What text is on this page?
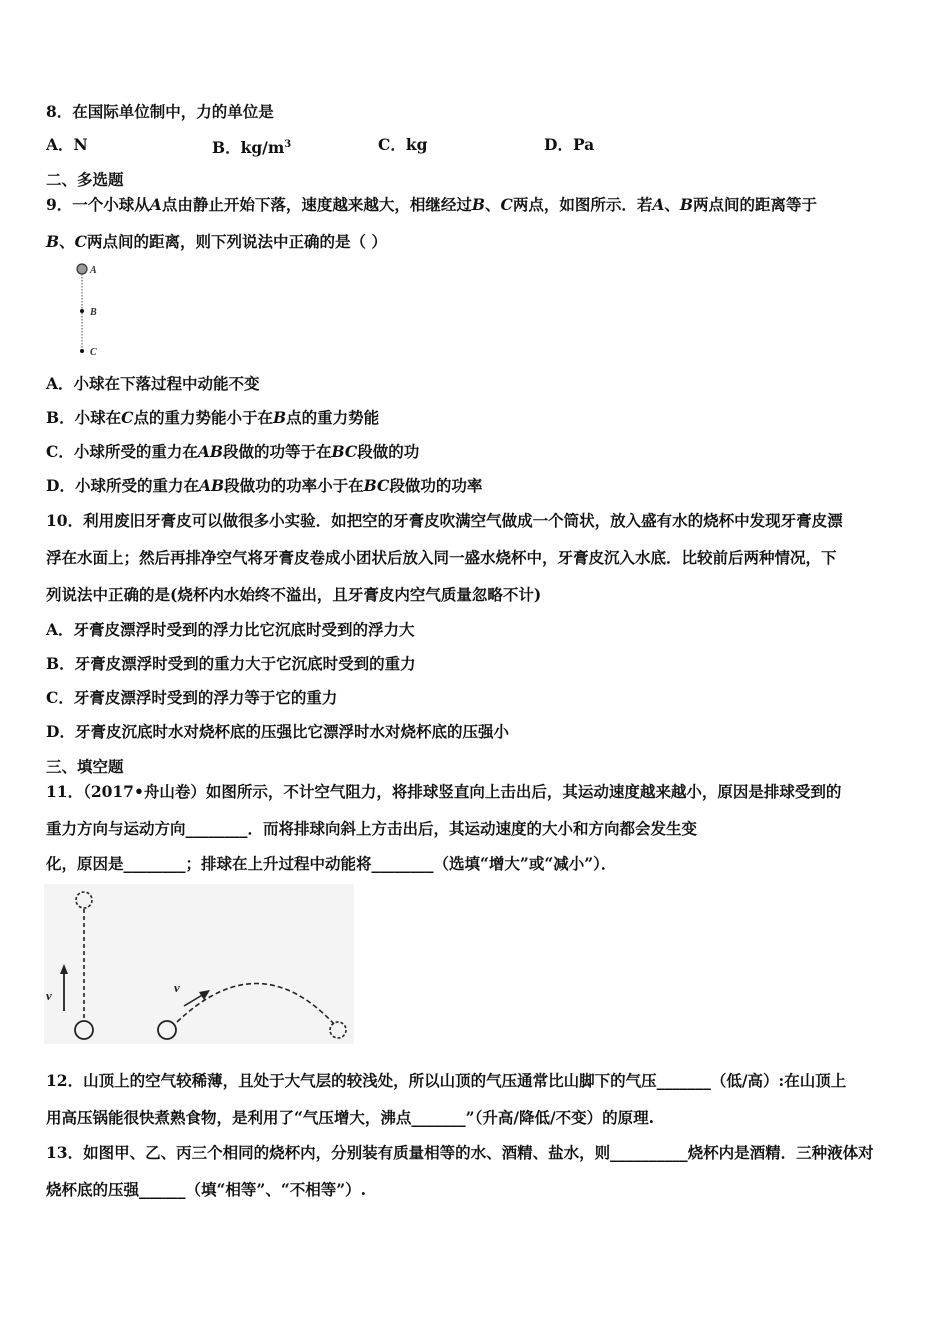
8．在国际单位制中，力的单位是
A．N	B．$kg/m^3$	C．kg	D．Pa
二、多选题
9．一个小球从A点由静止开始下落，速度越来越大，相继经过B、C两点，如图所示．若A、B两点间的距离等于
B、C两点间的距离，则下列说法中正确的是（ ）
A
B
C
A．小球在下落过程中动能不变
B．小球在C点的重力势能小于在B点的重力势能
C．小球所受的重力在AB段做的功等于在BC段做的功
D．小球所受的重力在AB段做功的功率小于在BC段做功的功率
10．利用废旧牙膏皮可以做很多小实验．如把空的牙膏皮吹满空气做成一个筒状，放入盛有水的烧杯中发现牙膏皮漂
浮在水面上；然后再排净空气将牙膏皮卷成小团状后放入同一盛水烧杯中，牙膏皮沉入水底．比较前后两种情况，下
列说法中正确的是(烧杯内水始终不溢出，且牙膏皮内空气质量忽略不计)
A．牙膏皮漂浮时受到的浮力比它沉底时受到的浮力大
B．牙膏皮漂浮时受到的重力大于它沉底时受到的重力
C．牙膏皮漂浮时受到的浮力等于它的重力
D．牙膏皮沉底时水对烧杯底的压强比它漂浮时水对烧杯底的压强小
三、填空题
11．（2017•舟山卷）如图所示，不计空气阻力，将排球竖直向上击出后，其运动速度越来越小，原因是排球受到的
重力方向与运动方向________．而将排球向斜上方击出后，其运动速度的大小和方向都会发生变
化，原因是________；排球在上升过程中动能将________（选填“增大”或“减小”）．
v
v
12．山顶上的空气较稀薄，且处于大气层的较浅处，所以山顶的气压通常比山脚下的气压_______（低/高）:在山顶上
用高压锅能很快煮熟食物，是利用了“气压增大，沸点_______”（升高/降低/不变）的原理.
13．如图甲、乙、丙三个相同的烧杯内，分别装有质量相等的水、酒精、盐水，则__________烧杯内是酒精．三种液体对
烧杯底的压强______（填“相等”、“不相等”）.
